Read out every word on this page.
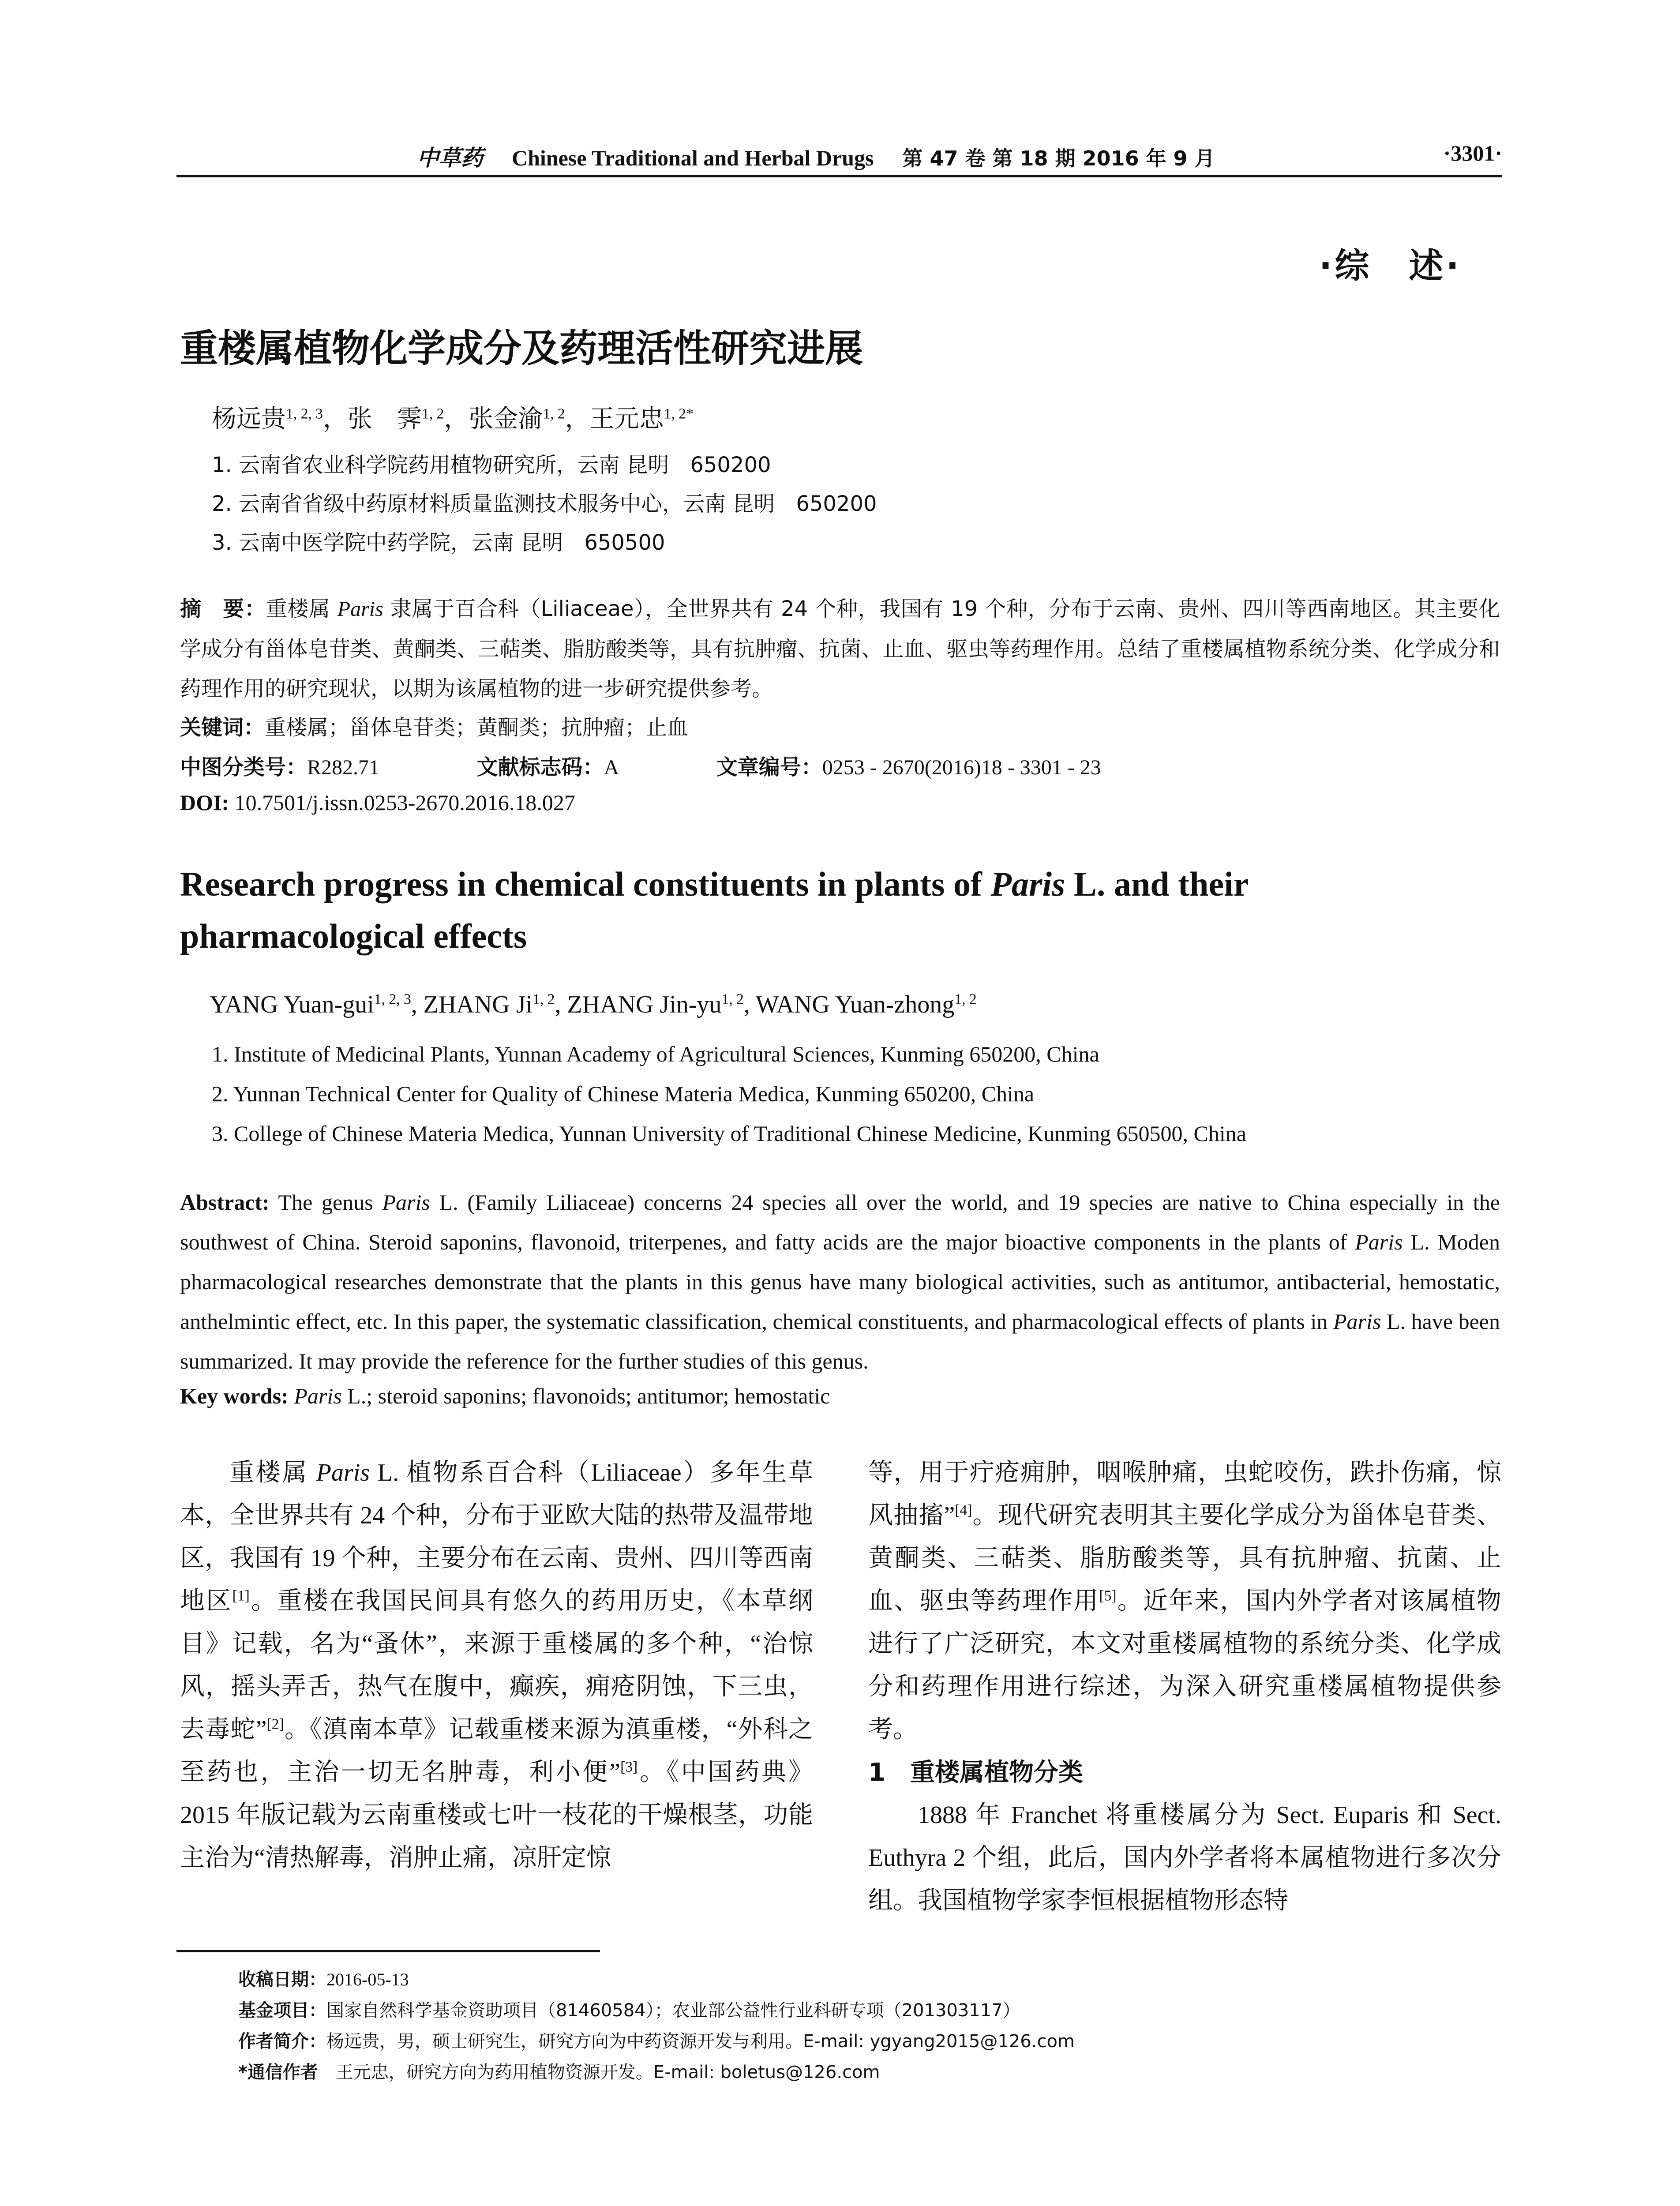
中草药 Chinese Traditional and Herbal Drugs 第 47 卷 第 18 期 2016 年 9 月	·3301·
·综　述·
重楼属植物化学成分及药理活性研究进展
杨远贵$^{1, 2, 3}$，张　霁$^{1, 2}$，张金渝$^{1, 2}$，王元忠$^{1, 2*}$
1. 云南省农业科学院药用植物研究所，云南 昆明　650200
2. 云南省省级中药原材料质量监测技术服务中心，云南 昆明　650200
3. 云南中医学院中药学院，云南 昆明　650500
摘　要：重楼属 Paris 隶属于百合科（Liliaceae），全世界共有 24 个种，我国有 19 个种，分布于云南、贵州、四川等西南地区。其主要化学成分有甾体皂苷类、黄酮类、三萜类、脂肪酸类等，具有抗肿瘤、抗菌、止血、驱虫等药理作用。总结了重楼属植物系统分类、化学成分和药理作用的研究现状，以期为该属植物的进一步研究提供参考。
关键词：重楼属；甾体皂苷类；黄酮类；抗肿瘤；止血
中图分类号：R282.71	文献标志码：A	文章编号：0253 - 2670(2016)18 - 3301 - 23
DOI: 10.7501/j.issn.0253-2670.2016.18.027
Research progress in chemical constituents in plants of Paris L. and their pharmacological effects
YANG Yuan-gui$^{1, 2, 3}$, ZHANG Ji$^{1, 2}$, ZHANG Jin-yu$^{1, 2}$, WANG Yuan-zhong$^{1, 2}$
1. Institute of Medicinal Plants, Yunnan Academy of Agricultural Sciences, Kunming 650200, China
2. Yunnan Technical Center for Quality of Chinese Materia Medica, Kunming 650200, China
3. College of Chinese Materia Medica, Yunnan University of Traditional Chinese Medicine, Kunming 650500, China
Abstract: The genus Paris L. (Family Liliaceae) concerns 24 species all over the world, and 19 species are native to China especially in the southwest of China. Steroid saponins, flavonoid, triterpenes, and fatty acids are the major bioactive components in the plants of Paris L. Moden pharmacological researches demonstrate that the plants in this genus have many biological activities, such as antitumor, antibacterial, hemostatic, anthelmintic effect, etc. In this paper, the systematic classification, chemical constituents, and pharmacological effects of plants in Paris L. have been summarized. It may provide the reference for the further studies of this genus.
Key words: Paris L.; steroid saponins; flavonoids; antitumor; hemostatic

重楼属 Paris L. 植物系百合科（Liliaceae）多年生草本，全世界共有 24 个种，分布于亚欧大陆的热带及温带地区，我国有 19 个种，主要分布在云南、贵州、四川等西南地区[1]。重楼在我国民间具有悠久的药用历史，《本草纲目》记载，名为“蚤休”，来源于重楼属的多个种，“治惊风，摇头弄舌，热气在腹中，癫疾，痈疮阴蚀，下三虫，去毒蛇”[2]。《滇南本草》记载重楼来源为滇重楼，“外科之至药也，主治一切无名肿毒，利小便”[3]。《中国药典》2015 年版记载为云南重楼或七叶一枝花的干燥根茎，功能主治为“清热解毒，消肿止痛，凉肝定惊

等，用于疔疮痈肿，咽喉肿痛，虫蛇咬伤，跌扑伤痛，惊风抽搐”[4]。现代研究表明其主要化学成分为甾体皂苷类、黄酮类、三萜类、脂肪酸类等，具有抗肿瘤、抗菌、止血、驱虫等药理作用[5]。近年来，国内外学者对该属植物进行了广泛研究，本文对重楼属植物的系统分类、化学成分和药理作用进行综述，为深入研究重楼属植物提供参考。

1　重楼属植物分类

1888 年 Franchet 将重楼属分为 Sect. Euparis 和 Sect. Euthyra 2 个组，此后，国内外学者将本属植物进行多次分组。我国植物学家李恒根据植物形态特

收稿日期：2016-05-13
基金项目：国家自然科学基金资助项目（81460584）；农业部公益性行业科研专项（201303117）
作者简介：杨远贵，男，硕士研究生，研究方向为中药资源开发与利用。E-mail: ygyang2015@126.com
*通信作者　王元忠，研究方向为药用植物资源开发。E-mail: boletus@126.com
